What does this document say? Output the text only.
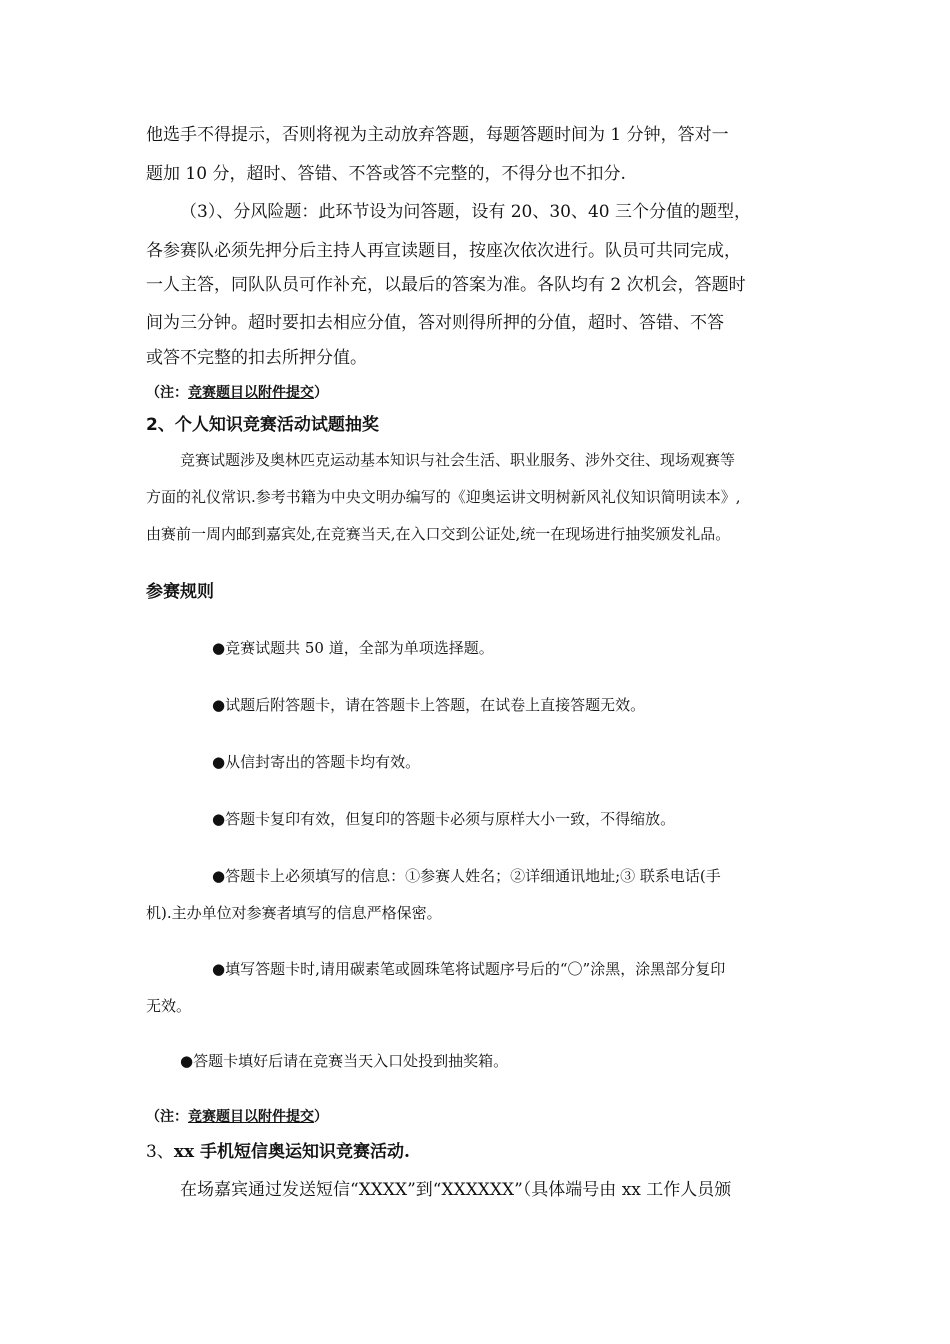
他选手不得提示，否则将视为主动放弃答题，每题答题时间为 1 分钟，答对一
题加 10 分，超时、答错、不答或答不完整的，不得分也不扣分.
（3）、分风险题：此环节设为问答题，设有 20、30、40 三个分值的题型，
各参赛队必须先押分后主持人再宣读题目，按座次依次进行。队员可共同完成，
一人主答，同队队员可作补充，以最后的答案为准。各队均有 2 次机会，答题时
间为三分钟。超时要扣去相应分值，答对则得所押的分值，超时、答错、不答
或答不完整的扣去所押分值。
（注：竞赛题目以附件提交）
2、个人知识竞赛活动试题抽奖
竞赛试题涉及奥林匹克运动基本知识与社会生活、职业服务、涉外交往、现场观赛等
方面的礼仪常识.参考书籍为中央文明办编写的《迎奥运讲文明树新风礼仪知识简明读本》,
由赛前一周内邮到嘉宾处,在竞赛当天,在入口交到公证处,统一在现场进行抽奖颁发礼品。
参赛规则
●竞赛试题共 50 道，全部为单项选择题。
●试题后附答题卡，请在答题卡上答题，在试卷上直接答题无效。
●从信封寄出的答题卡均有效。
●答题卡复印有效，但复印的答题卡必须与原样大小一致，不得缩放。
●答题卡上必须填写的信息：①参赛人姓名；②详细通讯地址;③ 联系电话(手
机).主办单位对参赛者填写的信息严格保密。
●填写答题卡时,请用碳素笔或圆珠笔将试题序号后的“〇”涂黑，涂黑部分复印
无效。
●答题卡填好后请在竞赛当天入口处投到抽奖箱。
（注：竞赛题目以附件提交）
3、xx 手机短信奥运知识竞赛活动.
在场嘉宾通过发送短信“XXXX”到“XXXXXX”（具体端号由 xx 工作人员颁
